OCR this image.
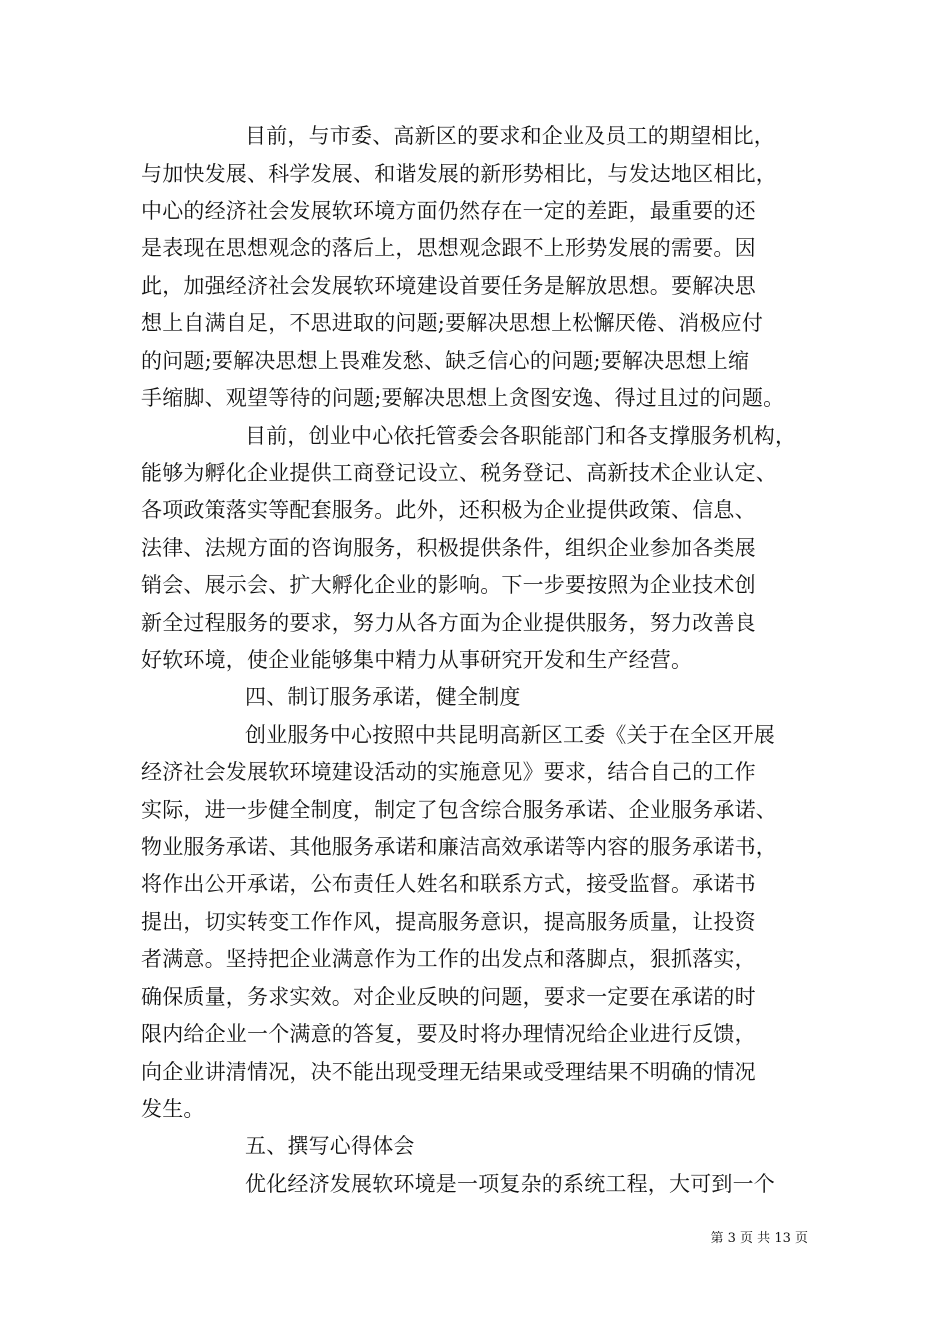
目前，与市委、高新区的要求和企业及员工的期望相比，
与加快发展、科学发展、和谐发展的新形势相比，与发达地区相比，
中心的经济社会发展软环境方面仍然存在一定的差距，最重要的还
是表现在思想观念的落后上，思想观念跟不上形势发展的需要。因
此，加强经济社会发展软环境建设首要任务是解放思想。要解决思
想上自满自足，不思进取的问题;要解决思想上松懈厌倦、消极应付
的问题;要解决思想上畏难发愁、缺乏信心的问题;要解决思想上缩
手缩脚、观望等待的问题;要解决思想上贪图安逸、得过且过的问题。
目前，创业中心依托管委会各职能部门和各支撑服务机构，
能够为孵化企业提供工商登记设立、税务登记、高新技术企业认定、
各项政策落实等配套服务。此外，还积极为企业提供政策、信息、
法律、法规方面的咨询服务，积极提供条件，组织企业参加各类展
销会、展示会、扩大孵化企业的影响。下一步要按照为企业技术创
新全过程服务的要求，努力从各方面为企业提供服务，努力改善良
好软环境，使企业能够集中精力从事研究开发和生产经营。
四、制订服务承诺，健全制度
创业服务中心按照中共昆明高新区工委《关于在全区开展
经济社会发展软环境建设活动的实施意见》要求，结合自己的工作
实际，进一步健全制度，制定了包含综合服务承诺、企业服务承诺、
物业服务承诺、其他服务承诺和廉洁高效承诺等内容的服务承诺书，
将作出公开承诺，公布责任人姓名和联系方式，接受监督。承诺书
提出，切实转变工作作风，提高服务意识，提高服务质量，让投资
者满意。坚持把企业满意作为工作的出发点和落脚点，狠抓落实，
确保质量，务求实效。对企业反映的问题，要求一定要在承诺的时
限内给企业一个满意的答复，要及时将办理情况给企业进行反馈，
向企业讲清情况，决不能出现受理无结果或受理结果不明确的情况
发生。
五、撰写心得体会
优化经济发展软环境是一项复杂的系统工程，大可到一个
第 3 页 共 13 页
